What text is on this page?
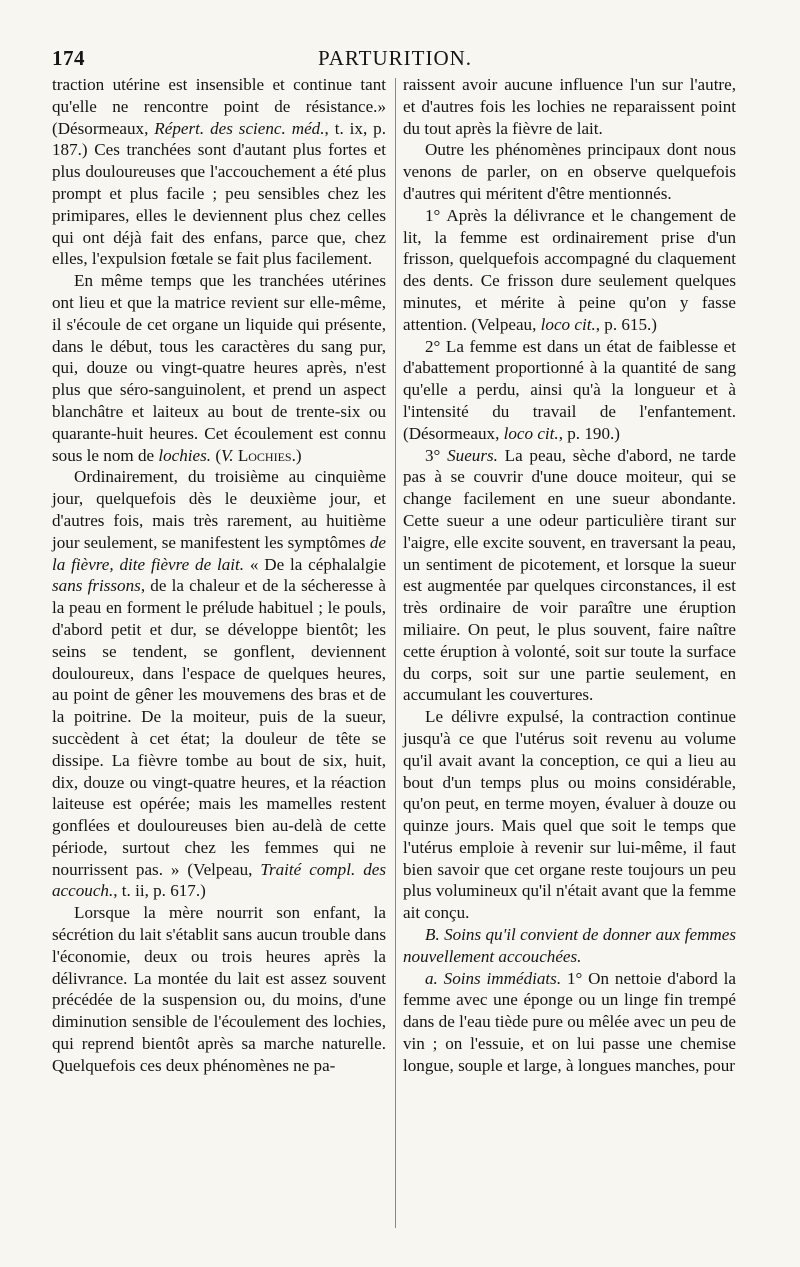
174	PARTURITION.

traction utérine est insensible et continue tant qu'elle ne rencontre point de résistance.» (Désormeaux, Répert. des scienc. méd., t. ix, p. 187.) Ces tranchées sont d'autant plus fortes et plus douloureuses que l'accouchement a été plus prompt et plus facile ; peu sensibles chez les primipares, elles le deviennent plus chez celles qui ont déjà fait des enfans, parce que, chez elles, l'expulsion fœtale se fait plus facilement.

En même temps que les tranchées utérines ont lieu et que la matrice revient sur elle-même, il s'écoule de cet organe un liquide qui présente, dans le début, tous les caractères du sang pur, qui, douze ou vingt-quatre heures après, n'est plus que séro-sanguinolent, et prend un aspect blanchâtre et laiteux au bout de trente-six ou quarante-huit heures. Cet écoulement est connu sous le nom de lochies. (V. Lochies.)

Ordinairement, du troisième au cinquième jour, quelquefois dès le deuxième jour, et d'autres fois, mais très rarement, au huitième jour seulement, se manifestent les symptômes de la fièvre, dite fièvre de lait. « De la céphalalgie sans frissons, de la chaleur et de la sécheresse à la peau en forment le prélude habituel ; le pouls, d'abord petit et dur, se développe bientôt; les seins se tendent, se gonflent, deviennent douloureux, dans l'espace de quelques heures, au point de gêner les mouvemens des bras et de la poitrine. De la moiteur, puis de la sueur, succèdent à cet état; la douleur de tête se dissipe. La fièvre tombe au bout de six, huit, dix, douze ou vingt-quatre heures, et la réaction laiteuse est opérée; mais les mamelles restent gonflées et douloureuses bien au-delà de cette période, surtout chez les femmes qui ne nourrissent pas. » (Velpeau, Traité compl. des accouch., t. ii, p. 617.)

Lorsque la mère nourrit son enfant, la sécrétion du lait s'établit sans aucun trouble dans l'économie, deux ou trois heures après la délivrance. La montée du lait est assez souvent précédée de la suspension ou, du moins, d'une diminution sensible de l'écoulement des lochies, qui reprend bientôt après sa marche naturelle. Quelquefois ces deux phénomènes ne pa-

raissent avoir aucune influence l'un sur l'autre, et d'autres fois les lochies ne reparaissent point du tout après la fièvre de lait.

Outre les phénomènes principaux dont nous venons de parler, on en observe quelquefois d'autres qui méritent d'être mentionnés.

1° Après la délivrance et le changement de lit, la femme est ordinairement prise d'un frisson, quelquefois accompagné du claquement des dents. Ce frisson dure seulement quelques minutes, et mérite à peine qu'on y fasse attention. (Velpeau, loco cit., p. 615.)

2° La femme est dans un état de faiblesse et d'abattement proportionné à la quantité de sang qu'elle a perdu, ainsi qu'à la longueur et à l'intensité du travail de l'enfantement. (Désormeaux, loco cit., p. 190.)

3° Sueurs. La peau, sèche d'abord, ne tarde pas à se couvrir d'une douce moiteur, qui se change facilement en une sueur abondante. Cette sueur a une odeur particulière tirant sur l'aigre, elle excite souvent, en traversant la peau, un sentiment de picotement, et lorsque la sueur est augmentée par quelques circonstances, il est très ordinaire de voir paraître une éruption miliaire. On peut, le plus souvent, faire naître cette éruption à volonté, soit sur toute la surface du corps, soit sur une partie seulement, en accumulant les couvertures.

Le délivre expulsé, la contraction continue jusqu'à ce que l'utérus soit revenu au volume qu'il avait avant la conception, ce qui a lieu au bout d'un temps plus ou moins considérable, qu'on peut, en terme moyen, évaluer à douze ou quinze jours. Mais quel que soit le temps que l'utérus emploie à revenir sur lui-même, il faut bien savoir que cet organe reste toujours un peu plus volumineux qu'il n'était avant que la femme ait conçu.

B. Soins qu'il convient de donner aux femmes nouvellement accouchées.

a. Soins immédiats. 1° On nettoie d'abord la femme avec une éponge ou un linge fin trempé dans de l'eau tiède pure ou mêlée avec un peu de vin ; on l'essuie, et on lui passe une chemise longue, souple et large, à longues manches, pour
